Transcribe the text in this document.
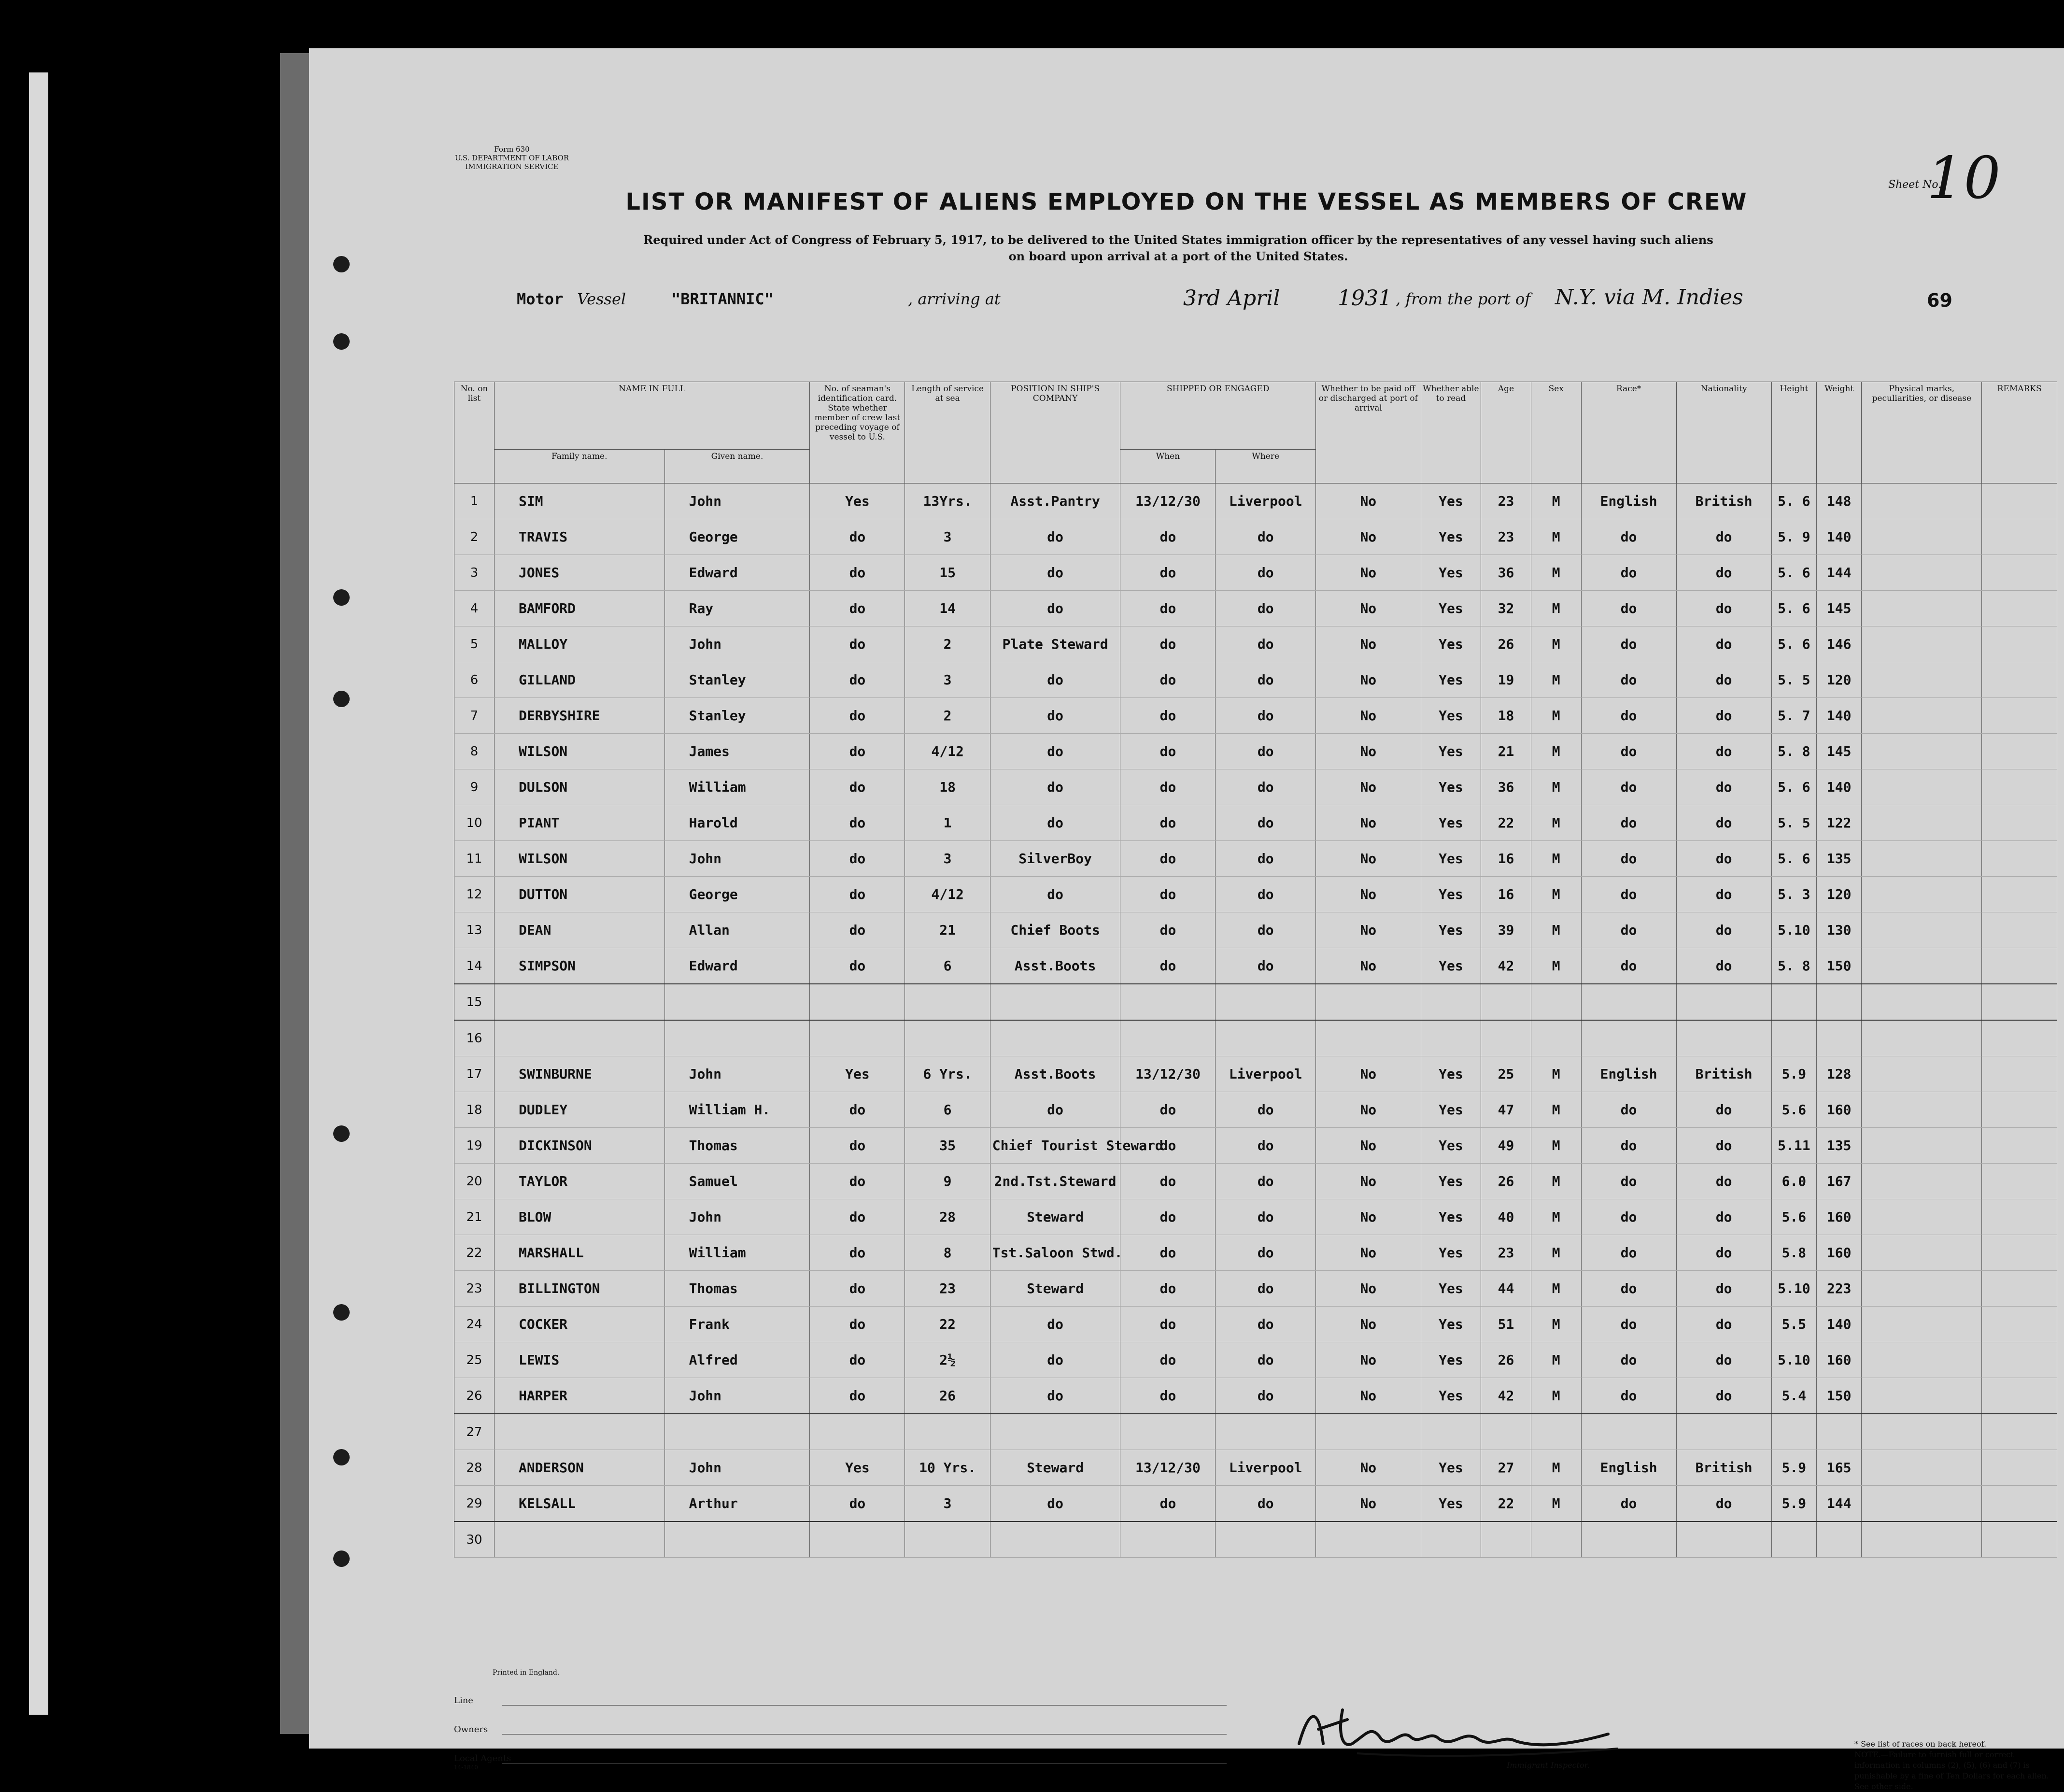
Form 630
U.S. DEPARTMENT OF LABOR
IMMIGRATION SERVICE
Sheet No.
10
LIST OR MANIFEST OF ALIENS EMPLOYED ON THE VESSEL AS MEMBERS OF CREW
Required under Act of Congress of February 5, 1917, to be delivered to the United States immigration officer by the representatives of any vessel having such aliens
on board upon arrival at a port of the United States.
Motor Vessel	"BRITANNIC"	, arriving at	3rd April	1931 , from the port of N.Y. via M. Indies	69
No. on list	NAME IN FULL		No. of seaman's identification card. State whether member of crew last preceding voyage of vessel to U.S.	Length of service at sea	POSITION IN SHIP'S COMPANY	SHIPPED OR ENGAGED		Whether to be paid off or discharged at port of arrival	Whether able to read	Age	Sex	Race*	Nationality	Height	Weight	Physical marks, peculiarities, or disease	REMARKS
	Family name.	Given name.				When	Where										
1	SIM	John	Yes	13Yrs.	Asst.Pantry	13/12/30	Liverpool	No	Yes	23	M	English	British	5. 6	148		
2	TRAVIS	George	do	3	do	do	do	No	Yes	23	M	do	do	5. 9	140		
3	JONES	Edward	do	15	do	do	do	No	Yes	36	M	do	do	5. 6	144		
4	BAMFORD	Ray	do	14	do	do	do	No	Yes	32	M	do	do	5. 6	145		
5	MALLOY	John	do	2	Plate Steward	do	do	No	Yes	26	M	do	do	5. 6	146		
6	GILLAND	Stanley	do	3	do	do	do	No	Yes	19	M	do	do	5. 5	120		
7	DERBYSHIRE	Stanley	do	2	do	do	do	No	Yes	18	M	do	do	5. 7	140		
8	WILSON	James	do	4/12	do	do	do	No	Yes	21	M	do	do	5. 8	145		
9	DULSON	William	do	18	do	do	do	No	Yes	36	M	do	do	5. 6	140		
10	PIANT	Harold	do	1	do	do	do	No	Yes	22	M	do	do	5. 5	122		
11	WILSON	John	do	3	SilverBoy	do	do	No	Yes	16	M	do	do	5. 6	135		
12	DUTTON	George	do	4/12	do	do	do	No	Yes	16	M	do	do	5. 3	120		
13	DEAN	Allan	do	21	Chief Boots	do	do	No	Yes	39	M	do	do	5.10	130		
14	SIMPSON	Edward	do	6	Asst.Boots	do	do	No	Yes	42	M	do	do	5. 8	150		
15																	
16																	
17	SWINBURNE	John	Yes	6 Yrs.	Asst.Boots	13/12/30	Liverpool	No	Yes	25	M	English	British	5.9	128		
18	DUDLEY	William H.	do	6	do	do	do	No	Yes	47	M	do	do	5.6	160		
19	DICKINSON	Thomas	do	35	Chief Tourist Steward	do	do	No	Yes	49	M	do	do	5.11	135		
20	TAYLOR	Samuel	do	9	2nd.Tst.Steward	do	do	No	Yes	26	M	do	do	6.0	167		
21	BLOW	John	do	28	Steward	do	do	No	Yes	40	M	do	do	5.6	160		
22	MARSHALL	William	do	8	Tst.Saloon Stwd.	do	do	No	Yes	23	M	do	do	5.8	160		
23	BILLINGTON	Thomas	do	23	Steward	do	do	No	Yes	44	M	do	do	5.10	223		
24	COCKER	Frank	do	22	do	do	do	No	Yes	51	M	do	do	5.5	140		
25	LEWIS	Alfred	do	2½	do	do	do	No	Yes	26	M	do	do	5.10	160		
26	HARPER	John	do	26	do	do	do	No	Yes	42	M	do	do	5.4	150		
27																	
28	ANDERSON	John	Yes	10 Yrs.	Steward	13/12/30	Liverpool	No	Yes	27	M	English	British	5.9	165		
29	KELSALL	Arthur	do	3	do	do	do	No	Yes	22	M	do	do	5.9	144		
30																	
Printed in England.
Line
Owners
Local Agents
14-1840	Immigrant Inspector.
* See list of races on back hereof.
NOTE.—Failure to furnish full or correct information in columns (2), (5), (6) and (7) is punishable by a fine of Ten Dollars for each alien. See other side.
